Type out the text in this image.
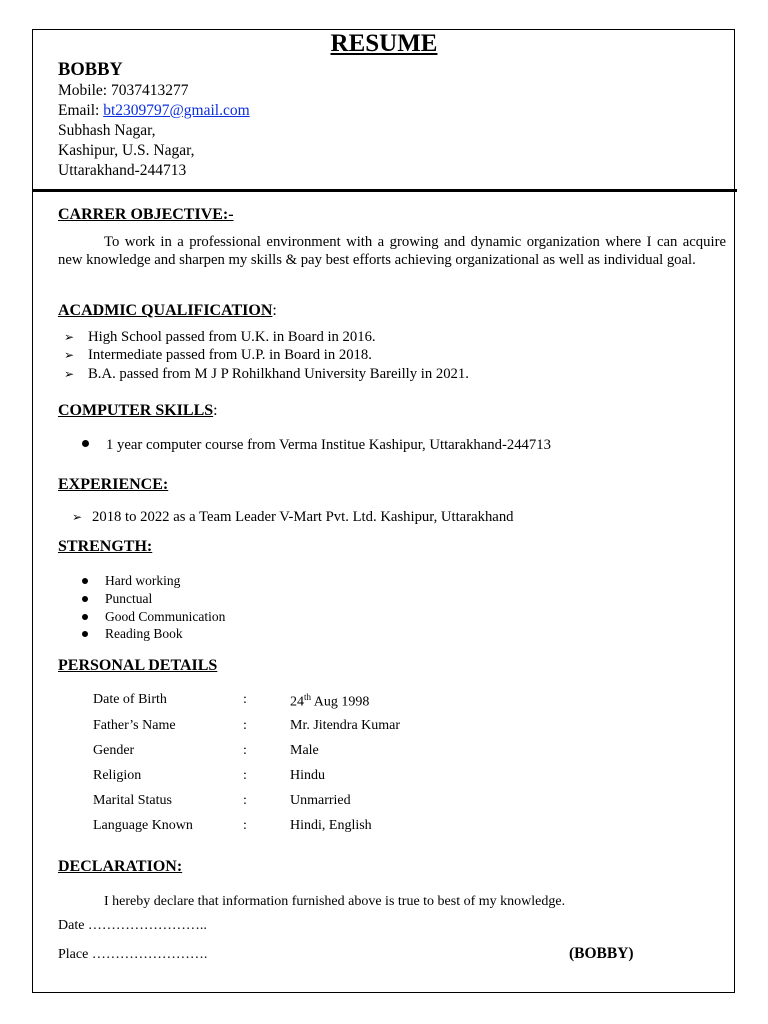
RESUME
BOBBY
Mobile: 7037413277
Email: bt2309797@gmail.com
Subhash Nagar,
Kashipur, U.S. Nagar,
Uttarakhand-244713
CARRER OBJECTIVE:-
To work in a professional environment with a growing and dynamic organization where I can acquire new knowledge and sharpen my skills & pay best efforts achieving organizational as well as individual goal.
ACADMIC QUALIFICATION:
➢ High School passed from U.K. in Board in 2016.
➢ Intermediate passed from U.P. in Board in 2018.
➢ B.A. passed from M J P Rohilkhand University Bareilly in 2021.
COMPUTER SKILLS:
1 year computer course from Verma Institue Kashipur, Uttarakhand-244713
EXPERIENCE:
➢ 2018 to 2022 as a Team Leader V-Mart Pvt. Ltd. Kashipur, Uttarakhand
STRENGTH:
Hard working
Punctual
Good Communication
Reading Book
PERSONAL DETAILS
Date of Birth	:	24th Aug 1998
Father’s Name	:	Mr. Jitendra Kumar
Gender	:	Male
Religion	:	Hindu
Marital Status	:	Unmarried
Language Known	:	Hindi, English
DECLARATION:
I hereby declare that information furnished above is true to best of my knowledge.
Date ……………………..
Place …………………….	(BOBBY)
